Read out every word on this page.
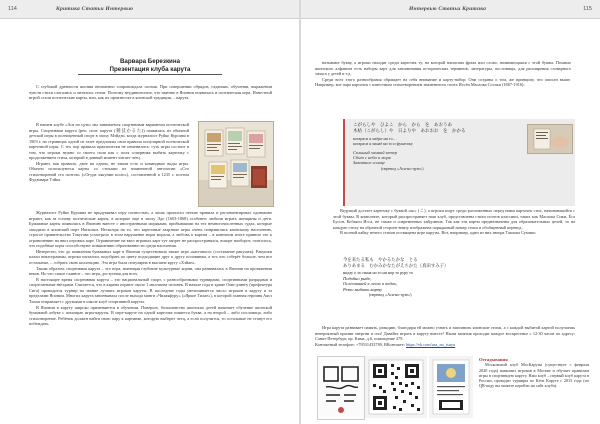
114	Критика Статьи Интервью
Варвара Березкина
Презентация клуба карута

С глубокой древности япония неизменно сопровождала поэзия. При совершении обрядов, гаданиях, обучении, выражении чувств стихи слагались и читались стихи. Поэтому неудивительно, что именно в Японии появилась и поэтическая игра. Известной игрой стали поэтические карты, или, как их произносят в японской традиции, – карута.

В нашем клубе «Ася но цую» мы занимаемся спортивным вариантом поэтической игры. Спортивная карута (реп. поэт. карута (競技かるた)) появилась из обычной детской игры в полноценный спорт в эпоху Мэйдзи, когда журналист Руйко Куроива в 1903 г. на страницах одной из газет предложил свои правила популярной поэтической карточной игры. С тех пор правила практически не изменились: суть игры состоит в том, что игроки нужно со своего поля как с поля соперника выбить карточку с продолжением стиха, который в данный момент читает чтец.

Играют, как правило, двое на одном, не таким есть и командные виды игры. Обычно используются карты со стихами из знаменитой антологии «Сто стихотворений ста поэтов» («Огура хякунин иссю»), составленной в 1235 г. поэтом Фудзивара Тэйка.

Журналист Руйко Куроива не придумывал игру полностью, а лишь прописал четкие правила и регламентировал одинаково играют, как за основу поэтические карты, в которые еще в эпоху Эдо (1603-1868) особенно любили играть женщины и дети. Бумажные карты появились в Японию вместе с иностранными моряками, прибывшими на тех немногочисленных судах, которые заходили в японский порт Нагасаки. Несмотря на то, что карточные азартные игры очень понравились японскому населению, строгое правительство Токугава усмотрело в этом нарушение норм морали, а любовь к картам – в конечном итоге привело это к ограничению на ввоз игровых карт. Ограничение на ввоз игровых карт тут запрет не распространялся, вскоре наоборот, считалось, что подобные игры способствуют повышению образованности среди населения.

Интересно, что до появления бумажных карт в Японии существовала также игра «каи-авасэ» (состязание ракушек). Ракушки клали пиктограммы, игроки пытались подобрать по цвету подходящие друг к другу половинки, а тот, кто соберёт больше, чем все остальные, – собрать свою коллекцию. Эта игра была популярна в высшем кругу «Хэйан».

Таким образом, спортивная карута – это игра, имеющая глубокие культурные корни, она развивалась в Японии на протяжении веков. Но что самое главное – это игра, доступная для всех.

В настоящее время спортивная карута – это национальный спорт, с разнообразными турнирами, спортивными разрядами и спортсменами-звёздами. Считается, что в караты играют около 1 миллиона человек. В начале года в храме Оми-дзингу (префектура Сига) проводится турнир на звание лучших игроков каруты. В последние годы увеличивается число игроков в каруту и за пределами Японии. Многих карута завоевывала после выхода манги «Чихаяфуру» («Яркое Тихае»), в которой главная героиня Аясэ Тихая отправляет с друзьями в школе клуб спортивной каруты.

В Японии в каруту широко применяются в обучении. Поверьте, большинство японских детей начинает обучение японской бумажной азбуке с помощью игры-каруты. В игре-каруте на одной карточке пишется буква, а на второй – либо пословица, либо стихотворение. Ребёнок должен найти свою пару к картинке, которую выберет чтец, а если получится, то остальные не станут его побеждать.

Интервью Статьи Критика	115

называют букву, а игроки находят среди карточек ту, на которой написана фраза или слово, начинающаяся с этой буквы. Помимо японского алфавита есть наборы карт для запоминания исторических терминов, литературы, пословицы, для расширения словарного запаса у детей и т.д.

Среди всех этого разнообразия обращает на себя внимание и карту-набор. Они созданы о том, же принципу, что описан выше. Например, вот пара карточек с известным стихотворением знаменитого поэта Иссёи Масаока Сосэки (1867-1916):

こがらしや　ひよこ　から　から　を　あおうあ　
木枯（こがらし）や　日よりや　あおおお　を　かかる
когараси я хиёри ни то…
когараси я хинаё ни то и фунатоку
Сильный зимний ветер
Сбит с неба и моря
Закатное солнце
(перевод «Ася-но-цую»)

Ведущий достает карточку с буквой «ко» (こ), а игроки ищут среди разложенных перед ними карточек стих, начинающийся с этой буквы. В комплекте, который распространяет наш клуб, представлены стихи поэтов классики, таких как Масаока Сики, Ёса Бусон, Кобаяси Исса, не также и современных хайдзинов. Так как эти карты предназначены для образовательных целей, то на каждую стиху на обратной стороне внизу изображена порядковый номер стиха и обобщенный перевод.

В полной кайку нечего стихов посвящена игре каруты. Вот, например, один из них автора Такаока Сумико:

今を来たる私も　やかるたかな　とる　
ありあまる　むかみかなたがえちかた（真田すみ子）
нидзу о за сэнна но то ни нор то руру то
Подобно рыбе,
Ослепившей в лесах и водах,
Резко выбить карту
(перевод «Ася-но-цую»)

Игра карута развивает память, реакцию, благодаря ей можно узнать и запомнить японские стихи, а с каждой выбитой картой получаешь невероятный прилив энергии и сил! Давайте играть в каруту вместе! Наши занятия проходят каждое воскресенье с 12:30 часов по адресу: Санкт-Петербург, пр. Кима, д.6, помещение 279.

Контактный телефон: +79531433780, ВКонтакте: https://vk.com/asa_no_tsuyu

Отгадывания

Московский клуб МосКаруты (существует с февраля 2020 года) знакомит игроков в Москве и обучает правилам игры в спортивную каруту. Наш клуб – первый клуб карута в России, проводит турниры по Кёги Каруте с 2015 года (по QR-коду вы можете перейти на сайт клуба).
